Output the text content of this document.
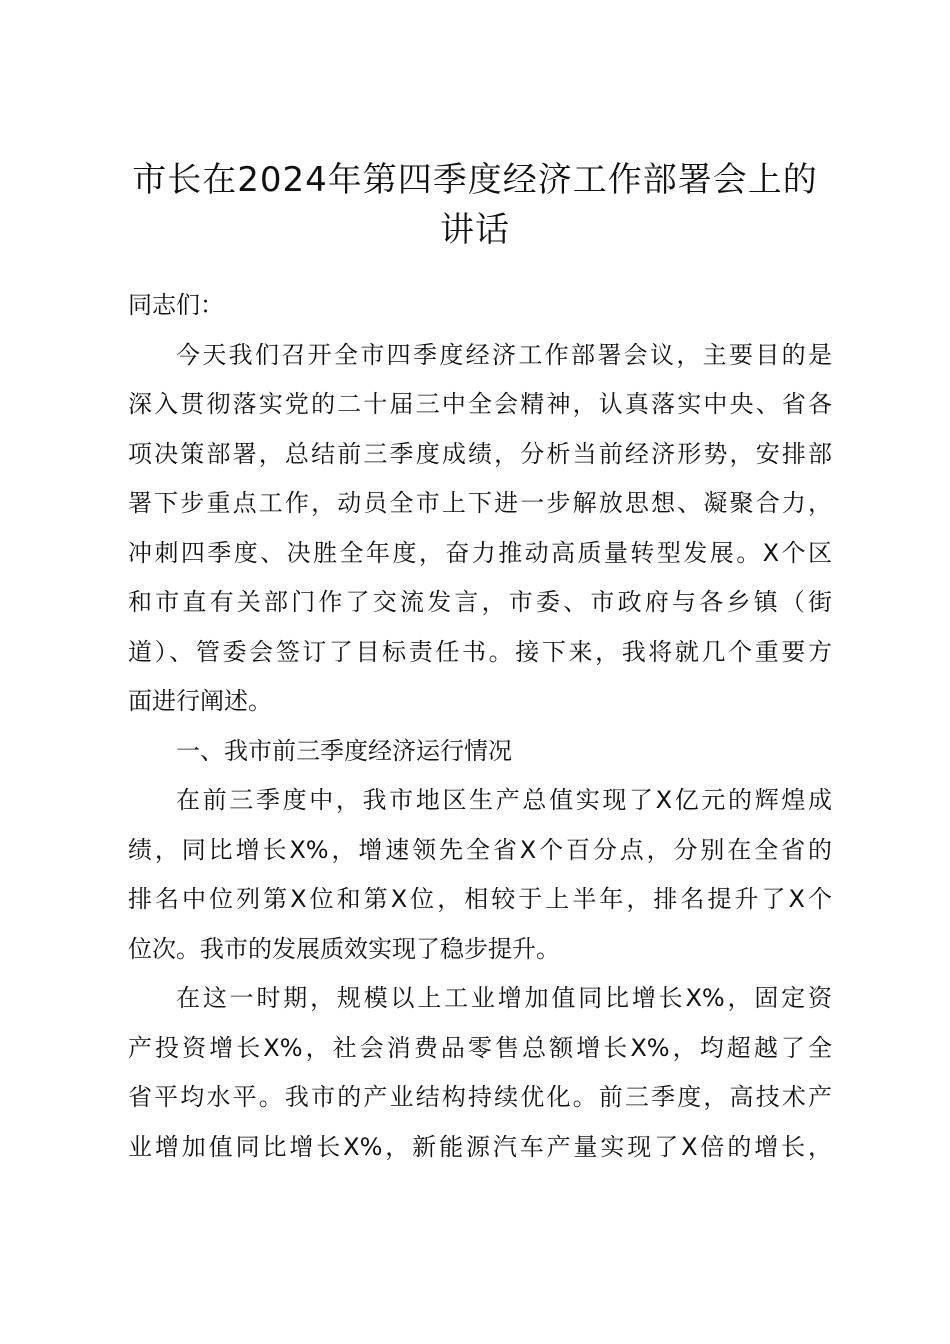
市长在2024年第四季度经济工作部署会上的
讲话
同志们：
今天我们召开全市四季度经济工作部署会议，主要目的是
深入贯彻落实党的二十届三中全会精神，认真落实中央、省各
项决策部署，总结前三季度成绩，分析当前经济形势，安排部
署下步重点工作，动员全市上下进一步解放思想、凝聚合力，
冲刺四季度、决胜全年度，奋力推动高质量转型发展。X个区
和市直有关部门作了交流发言，市委、市政府与各乡镇（街
道）、管委会签订了目标责任书。接下来，我将就几个重要方
面进行阐述。
一、我市前三季度经济运行情况
在前三季度中，我市地区生产总值实现了X亿元的辉煌成
绩，同比增长X%，增速领先全省X个百分点，分别在全省的
排名中位列第X位和第X位，相较于上半年，排名提升了X个
位次。我市的发展质效实现了稳步提升。
在这一时期，规模以上工业增加值同比增长X%，固定资
产投资增长X%，社会消费品零售总额增长X%，均超越了全
省平均水平。我市的产业结构持续优化。前三季度，高技术产
业增加值同比增长X%，新能源汽车产量实现了X倍的增长，
